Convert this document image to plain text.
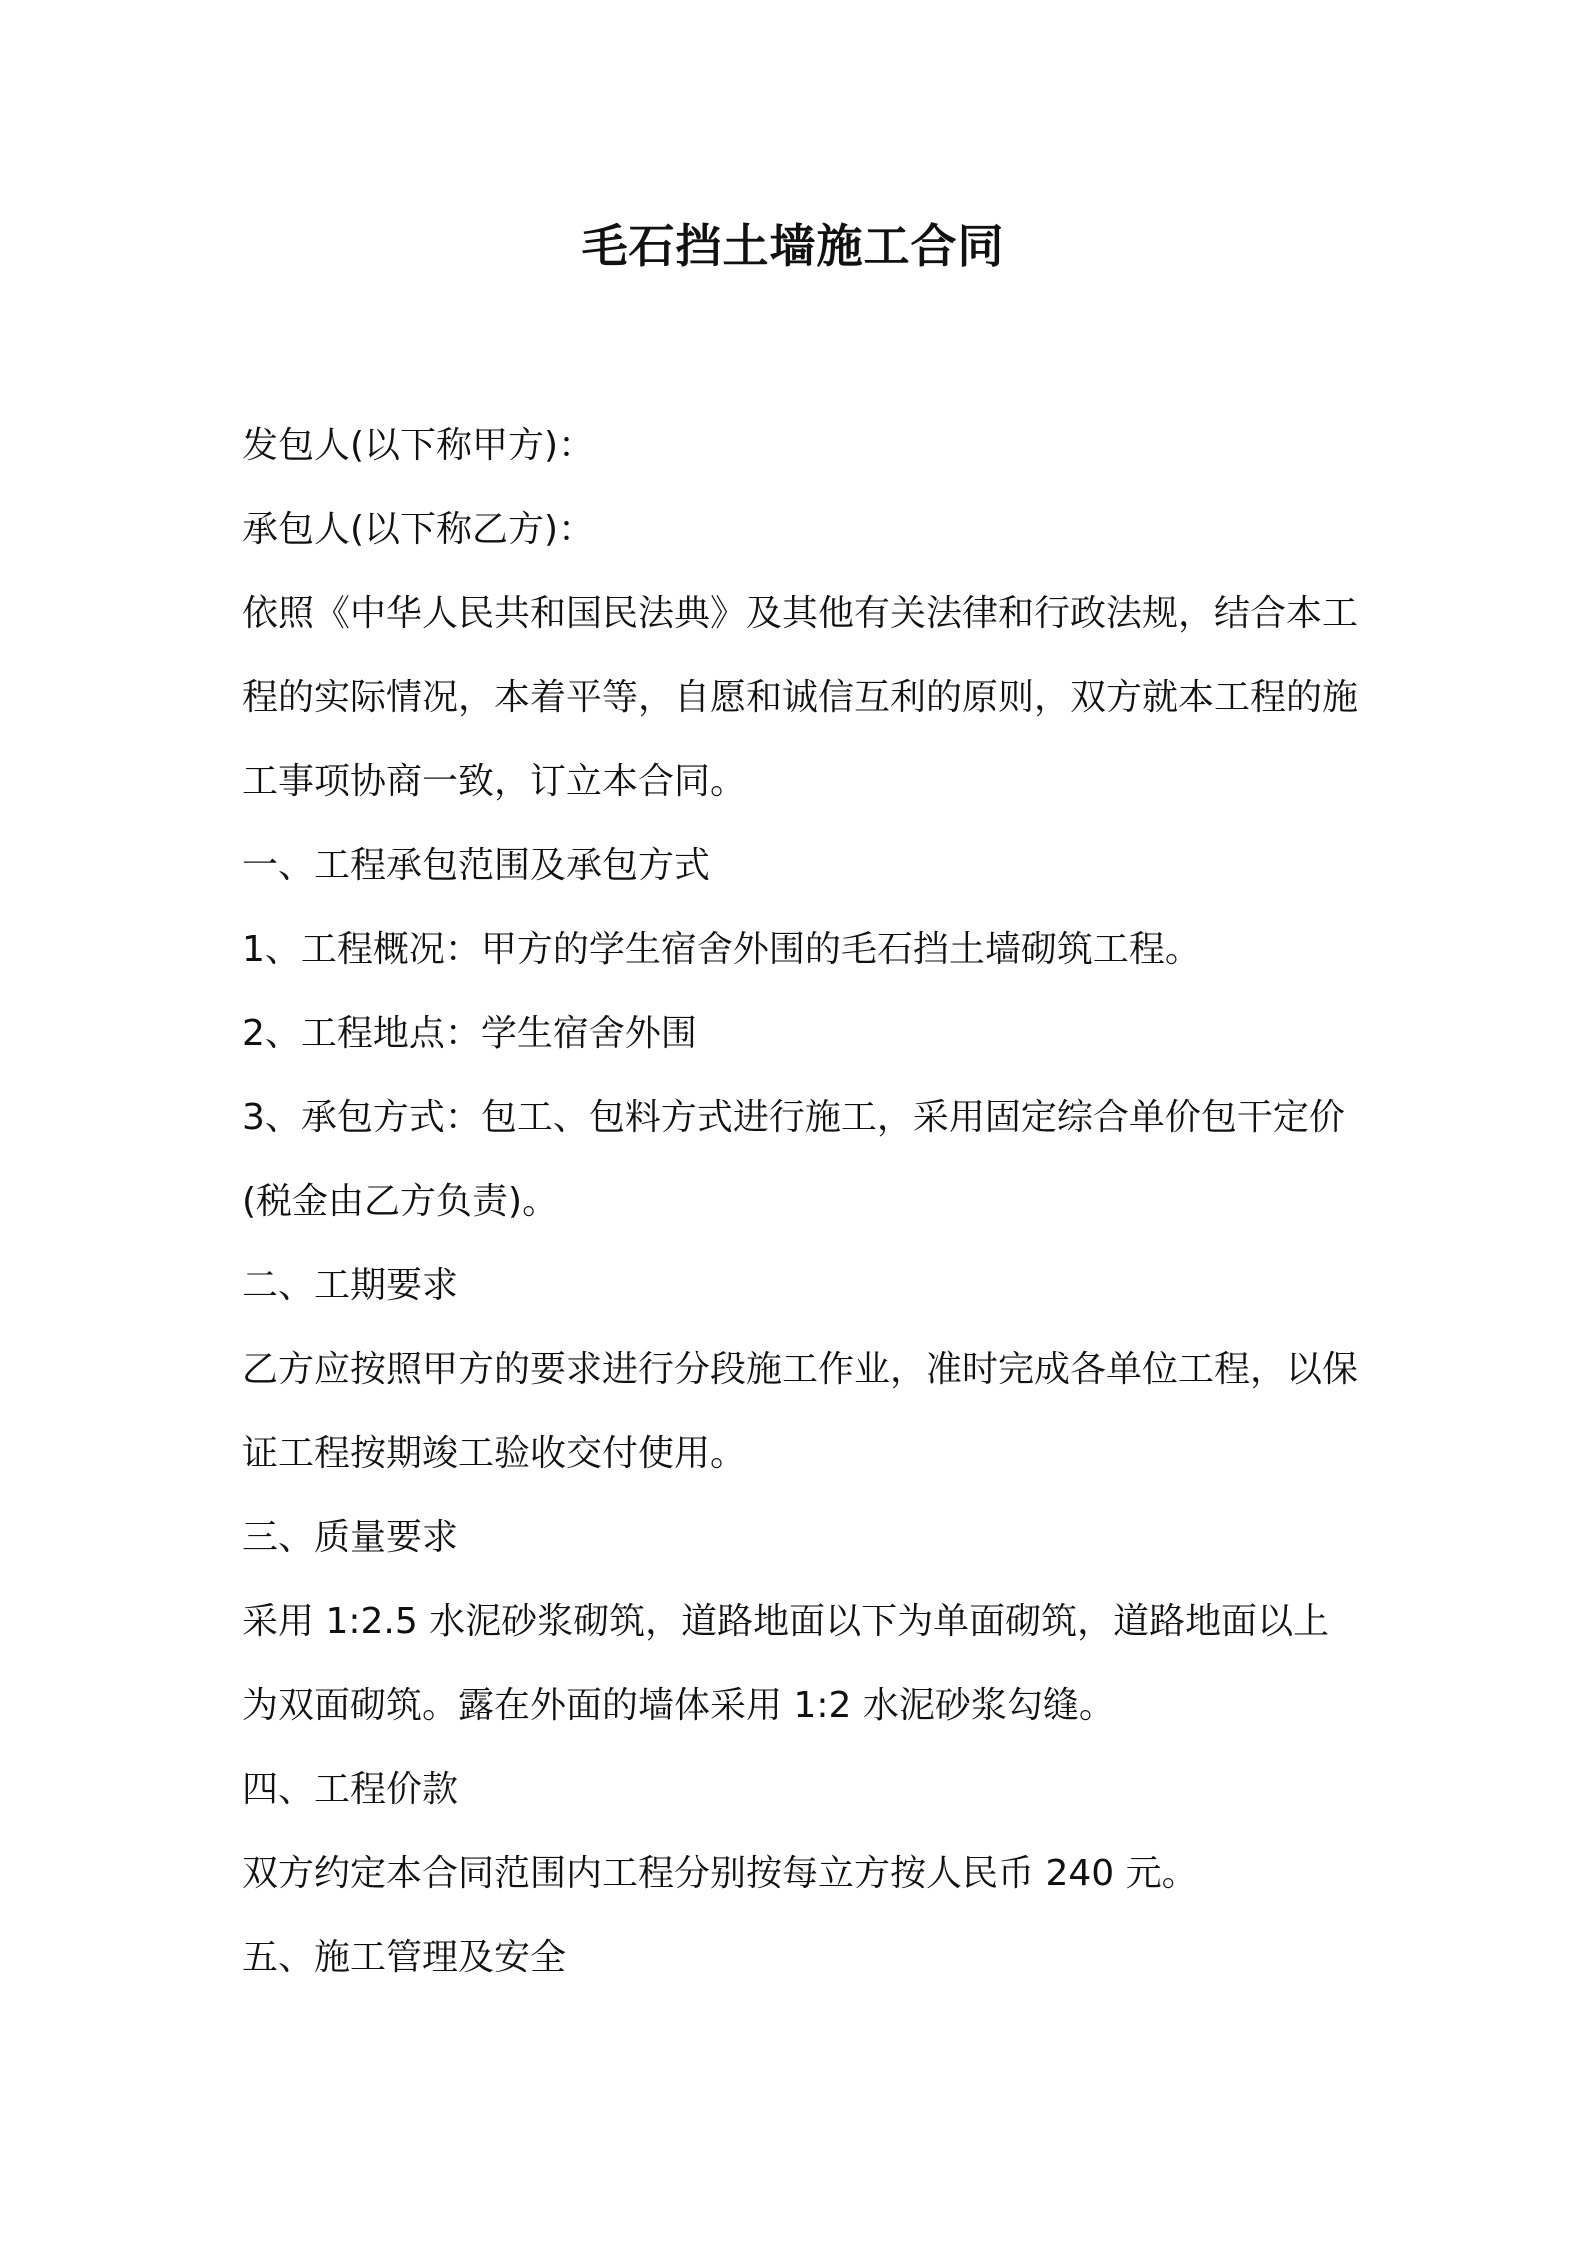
毛石挡土墙施工合同

发包人(以下称甲方)：

承包人(以下称乙方)：

依照《中华人民共和国民法典》及其他有关法律和行政法规，结合本工程的实际情况，本着平等，自愿和诚信互利的原则，双方就本工程的施工事项协商一致，订立本合同。

一、工程承包范围及承包方式

1、工程概况：甲方的学生宿舍外围的毛石挡土墙砌筑工程。

2、工程地点：学生宿舍外围

3、承包方式：包工、包料方式进行施工，采用固定综合单价包干定价(税金由乙方负责)。

二、工期要求

乙方应按照甲方的要求进行分段施工作业，准时完成各单位工程，以保证工程按期竣工验收交付使用。

三、质量要求

采用 1:2.5 水泥砂浆砌筑，道路地面以下为单面砌筑，道路地面以上为双面砌筑。露在外面的墙体采用 1:2 水泥砂浆勾缝。

四、工程价款

双方约定本合同范围内工程分别按每立方按人民币 240 元。

五、施工管理及安全
